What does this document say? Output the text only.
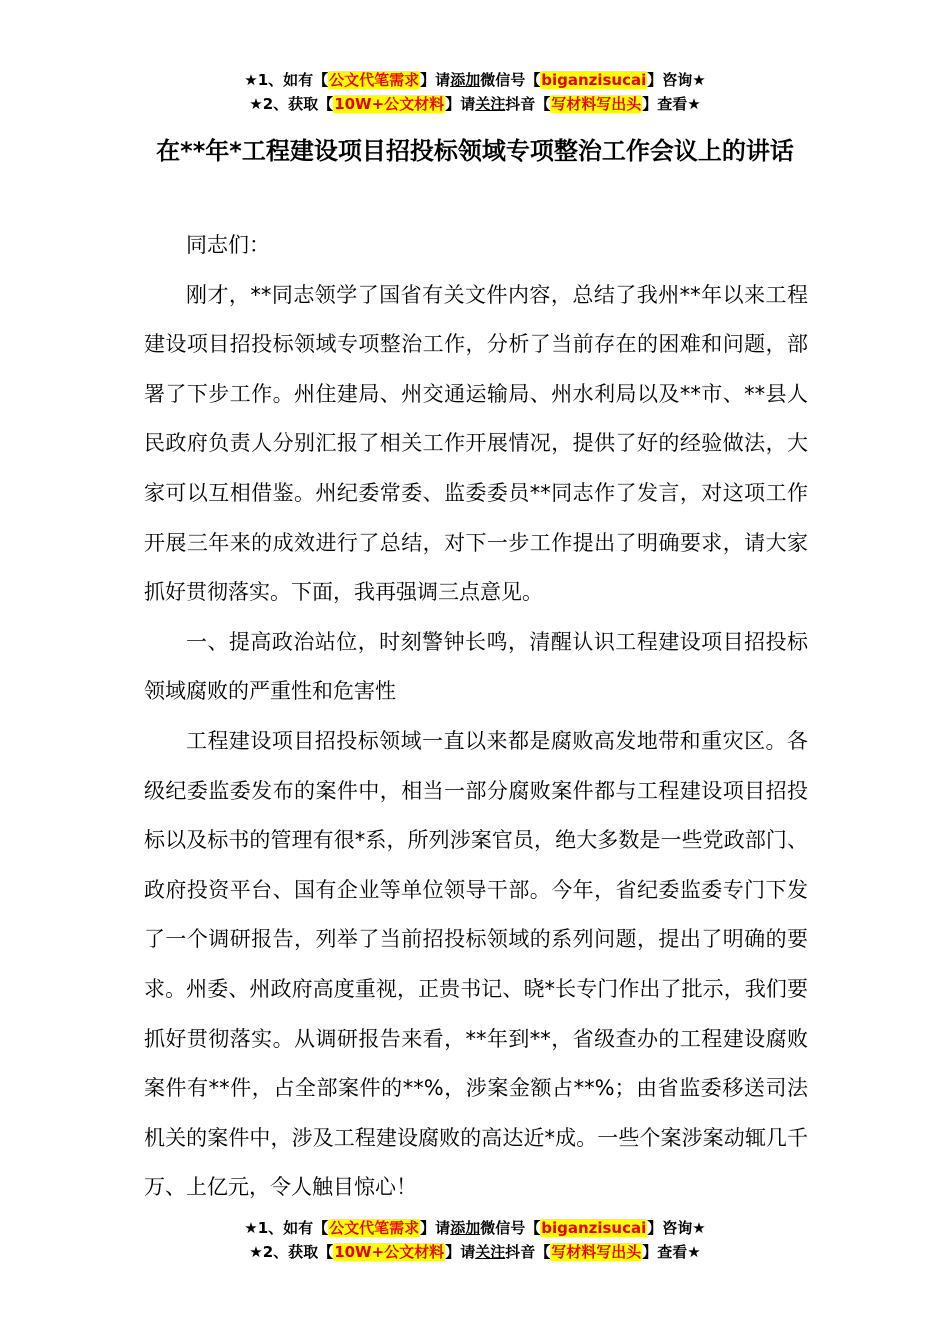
★1、如有【公文代笔需求】请添加微信号【biganzisucai】咨询★
★2、获取【10W+公文材料】请关注抖音【写材料写出头】查看★
在**年*工程建设项目招投标领域专项整治工作会议上的讲话

同志们：

刚才，**同志领学了国省有关文件内容，总结了我州**年以来工程建设项目招投标领域专项整治工作，分析了当前存在的困难和问题，部署了下步工作。州住建局、州交通运输局、州水利局以及**市、**县人民政府负责人分别汇报了相关工作开展情况，提供了好的经验做法，大家可以互相借鉴。州纪委常委、监委委员**同志作了发言，对这项工作开展三年来的成效进行了总结，对下一步工作提出了明确要求，请大家抓好贯彻落实。下面，我再强调三点意见。

一、提高政治站位，时刻警钟长鸣，清醒认识工程建设项目招投标领域腐败的严重性和危害性

工程建设项目招投标领域一直以来都是腐败高发地带和重灾区。各级纪委监委发布的案件中，相当一部分腐败案件都与工程建设项目招投标以及标书的管理有很*系，所列涉案官员，绝大多数是一些党政部门、政府投资平台、国有企业等单位领导干部。今年，省纪委监委专门下发了一个调研报告，列举了当前招投标领域的系列问题，提出了明确的要求。州委、州政府高度重视，正贵书记、晓*长专门作出了批示，我们要抓好贯彻落实。从调研报告来看，**年到**，省级查办的工程建设腐败案件有**件，占全部案件的**%，涉案金额占**%；由省监委移送司法机关的案件中，涉及工程建设腐败的高达近*成。一些个案涉案动辄几千万、上亿元，令人触目惊心！

★1、如有【公文代笔需求】请添加微信号【biganzisucai】咨询★
★2、获取【10W+公文材料】请关注抖音【写材料写出头】查看★
